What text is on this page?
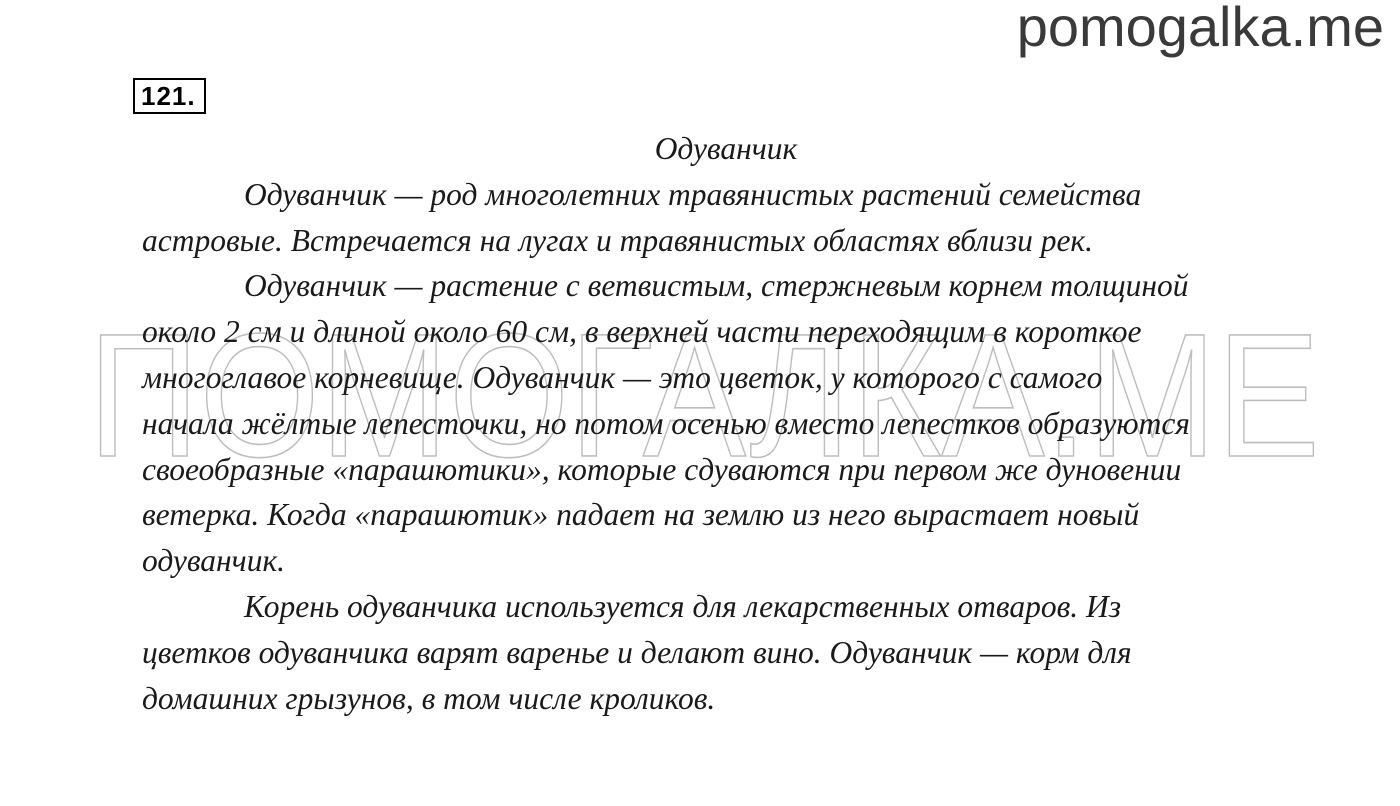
pomogalka.me
121.
ПОМОГАЛКА.МЕ
Одуванчик

Одуванчик — род многолетних травянистых растений семейства
астровые. Встречается на лугах и травянистых областях вблизи рек.

Одуванчик — растение с ветвистым, стержневым корнем толщиной
около 2 см и длиной около 60 см, в верхней части переходящим в короткое
многоглавое корневище. Одуванчик — это цветок, у которого с самого
начала жёлтые лепесточки, но потом осенью вместо лепестков образуются
своеобразные «парашютики», которые сдуваются при первом же дуновении
ветерка. Когда «парашютик» падает на землю из него вырастает новый
одуванчик.

Корень одуванчика используется для лекарственных отваров. Из
цветков одуванчика варят варенье и делают вино. Одуванчик — корм для
домашних грызунов, в том числе кроликов.
